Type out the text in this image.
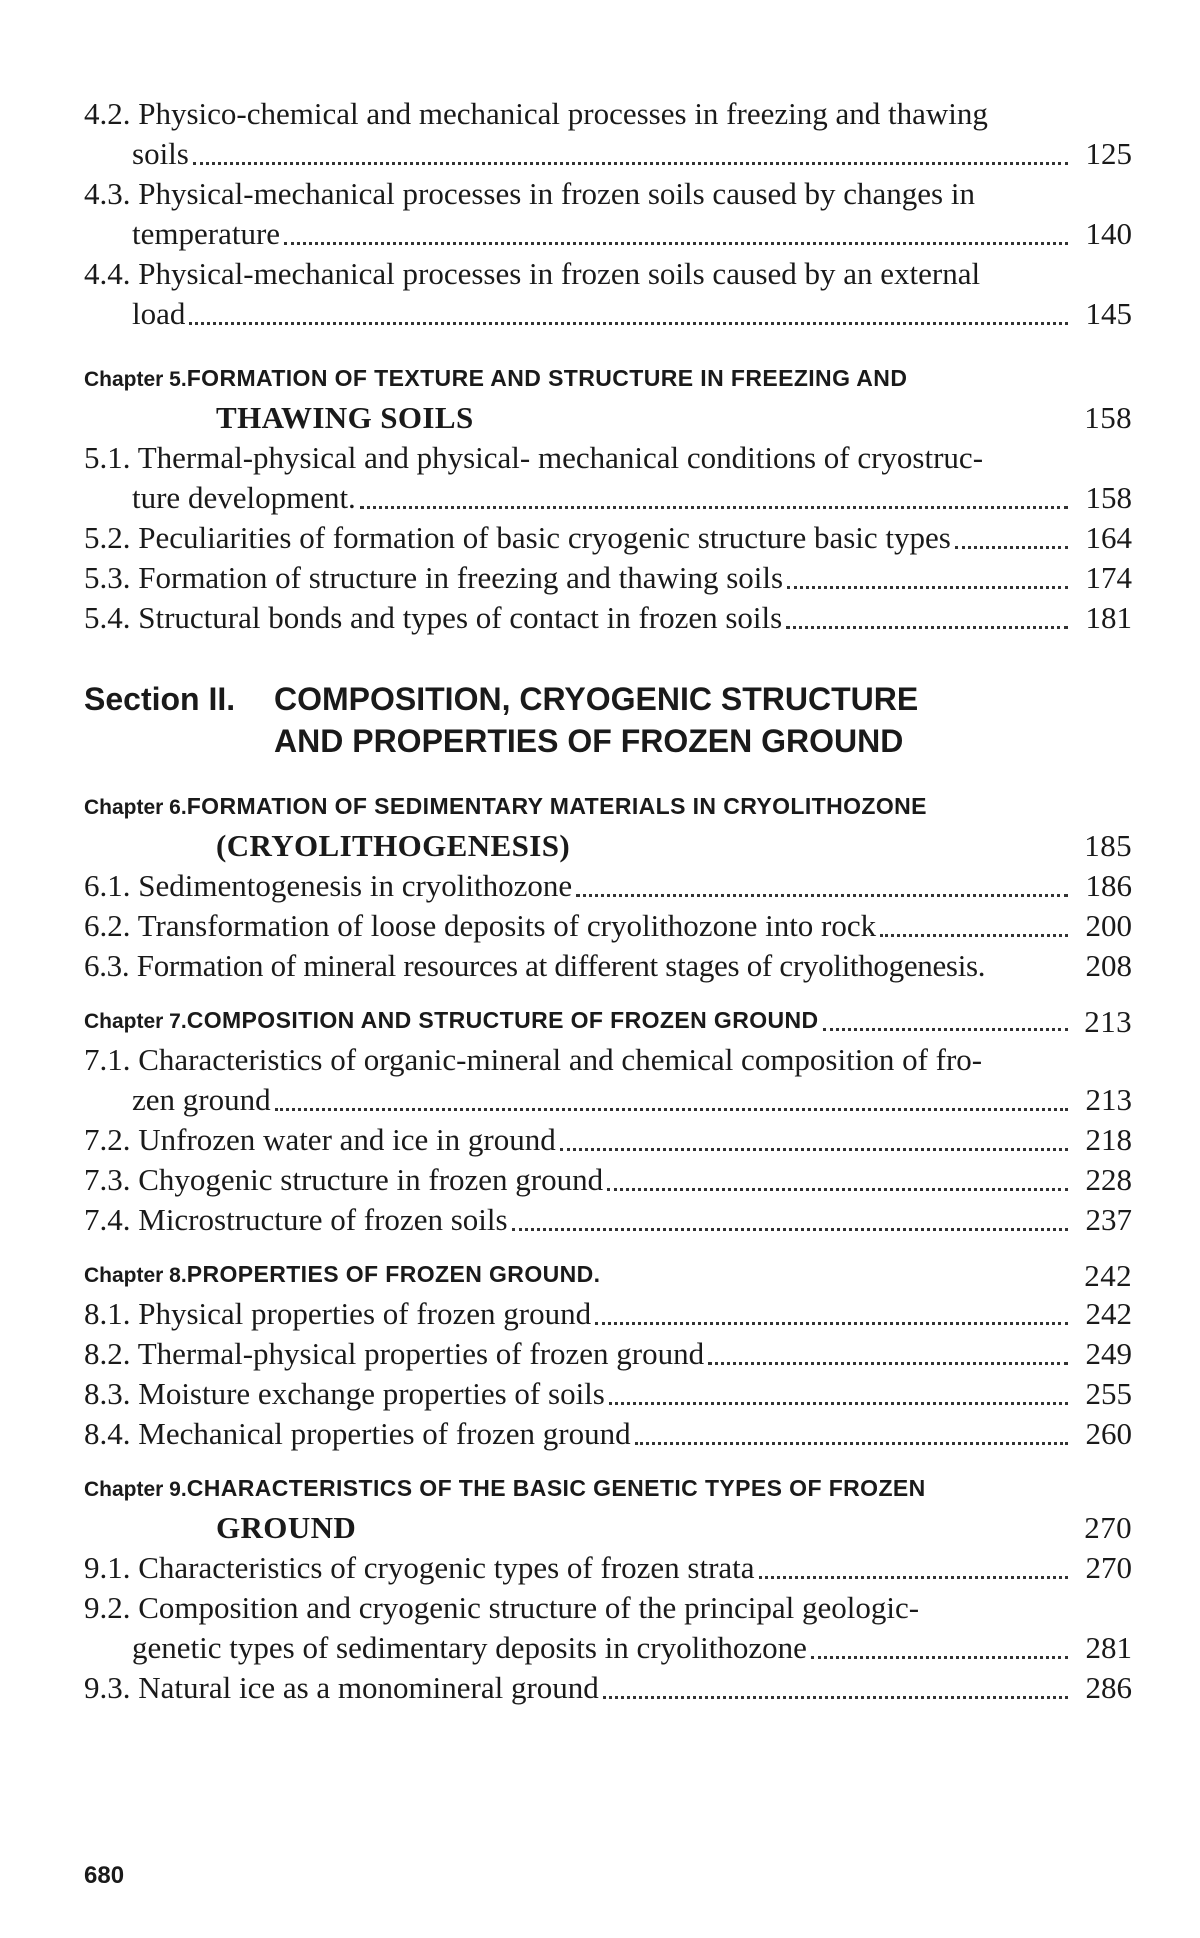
4.2. Physico-chemical and mechanical processes in freezing and thawing
soils	125
4.3. Physical-mechanical processes in frozen soils caused by changes in
temperature	140
4.4. Physical-mechanical processes in frozen soils caused by an external
load	145
Chapter 5.FORMATION OF TEXTURE AND STRUCTURE IN FREEZING AND
THAWING SOILS	158
5.1. Thermal-physical and physical- mechanical conditions of cryostruc-
ture development.	158
5.2. Peculiarities of formation of basic cryogenic structure basic types	164
5.3. Formation of structure in freezing and thawing soils	174
5.4. Structural bonds and types of contact in frozen soils	181
Section II.	COMPOSITION, CRYOGENIC STRUCTURE
AND PROPERTIES OF FROZEN GROUND
Chapter 6.FORMATION OF SEDIMENTARY MATERIALS IN CRYOLITHOZONE
(CRYOLITHOGENESIS)	185
6.1. Sedimentogenesis in cryolithozone	186
6.2. Transformation of loose deposits of cryolithozone into rock	200
6.3. Formation of mineral resources at different stages of cryolithogenesis.	208
Chapter 7.COMPOSITION AND STRUCTURE OF FROZEN GROUND	213
7.1. Characteristics of organic-mineral and chemical composition of fro-
zen ground	213
7.2. Unfrozen water and ice in ground	218
7.3. Chyogenic structure in frozen ground	228
7.4. Microstructure of frozen soils	237
Chapter 8.PROPERTIES OF FROZEN GROUND.	242
8.1. Physical properties of frozen ground	242
8.2. Thermal-physical properties of frozen ground	249
8.3. Moisture exchange properties of soils	255
8.4. Mechanical properties of frozen ground	260
Chapter 9.CHARACTERISTICS OF THE BASIC GENETIC TYPES OF FROZEN
GROUND	270
9.1. Characteristics of cryogenic types of frozen strata	270
9.2. Composition and cryogenic structure of the principal geologic-
genetic types of sedimentary deposits in cryolithozone	281
9.3. Natural ice as a monomineral ground	286
680
